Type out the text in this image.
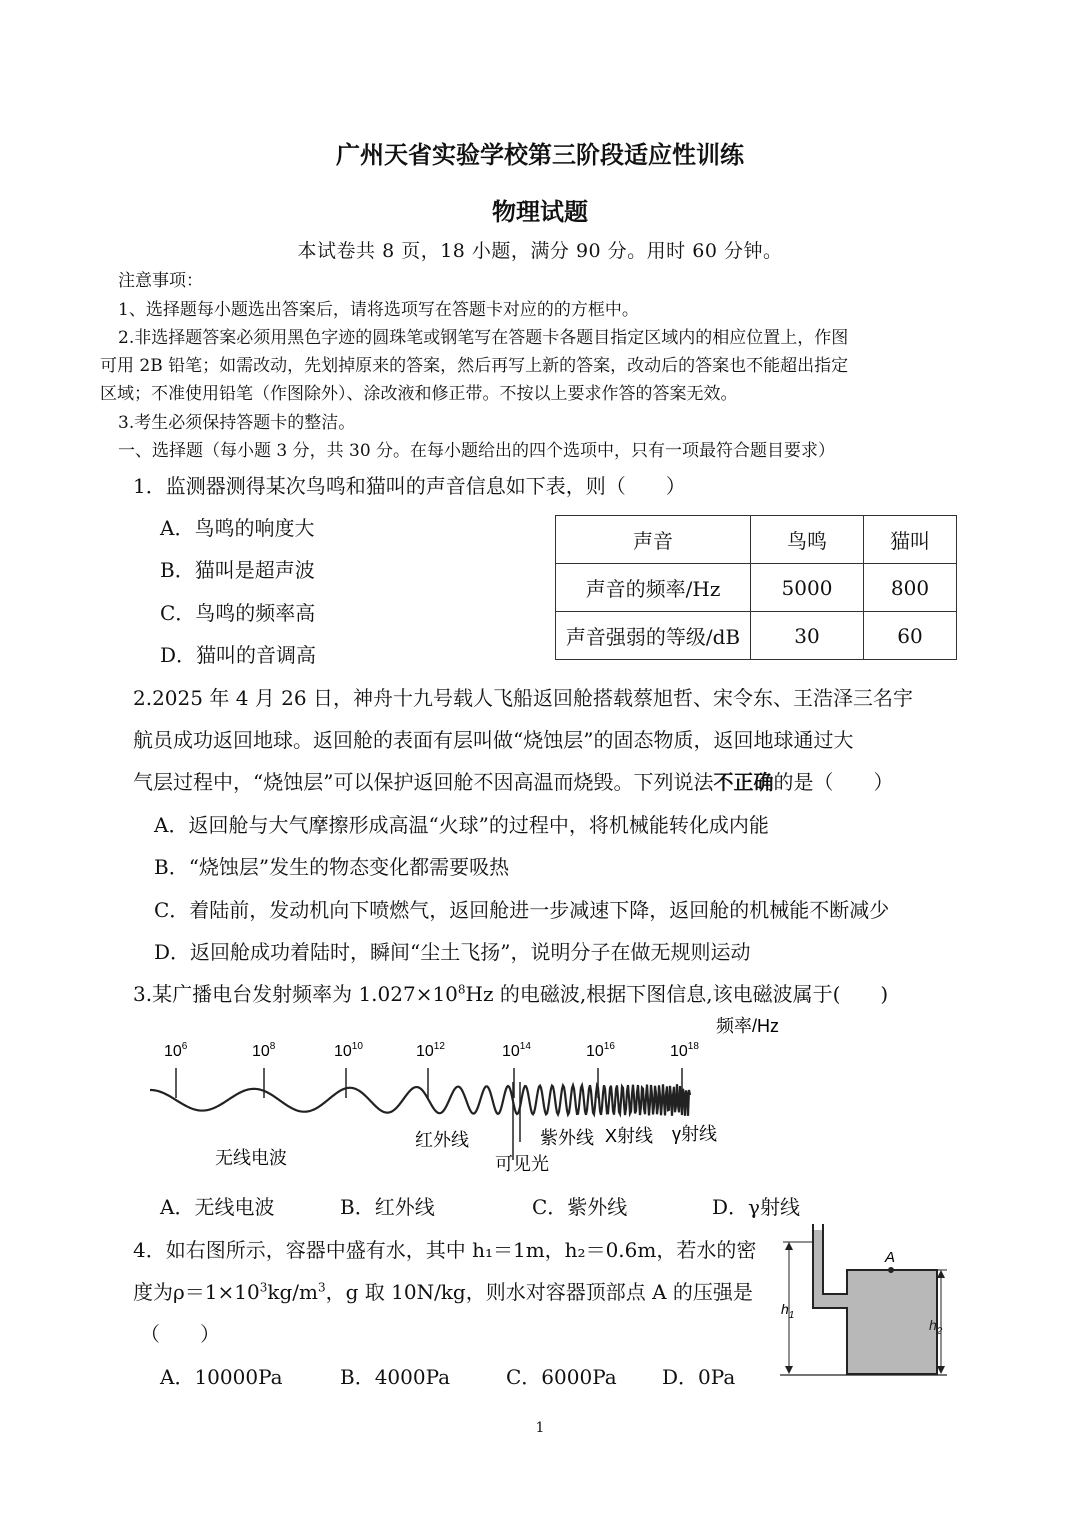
广州天省实验学校第三阶段适应性训练
物理试题
本试卷共 8 页，18 小题，满分 90 分。用时 60 分钟。
注意事项：
1、选择题每小题选出答案后，请将选项写在答题卡对应的的方框中。
2.非选择题答案必须用黑色字迹的圆珠笔或钢笔写在答题卡各题目指定区域内的相应位置上，作图
可用 2B 铅笔；如需改动，先划掉原来的答案，然后再写上新的答案，改动后的答案也不能超出指定
区域；不准使用铅笔（作图除外）、涂改液和修正带。不按以上要求作答的答案无效。
3.考生必须保持答题卡的整洁。
一、选择题（每小题 3 分，共 30 分。在每小题给出的四个选项中，只有一项最符合题目要求）
1．监测器测得某次鸟鸣和猫叫的声音信息如下表，则（　　）
A．鸟鸣的响度大
B．猫叫是超声波
C．鸟鸣的频率高
D．猫叫的音调高
声音	鸟鸣	猫叫
声音的频率/Hz	5000	800
声音强弱的等级/dB	30	60
2.2025 年 4 月 26 日，神舟十九号载人飞船返回舱搭载蔡旭哲、宋令东、王浩泽三名宇
航员成功返回地球。返回舱的表面有层叫做“烧蚀层”的固态物质，返回地球通过大
气层过程中，“烧蚀层”可以保护返回舱不因高温而烧毁。下列说法不正确的是（　　）
A．返回舱与大气摩擦形成高温“火球”的过程中，将机械能转化成内能
B．“烧蚀层”发生的物态变化都需要吸热
C．着陆前，发动机向下喷燃气，返回舱进一步减速下降，返回舱的机械能不断减少
D．返回舱成功着陆时，瞬间“尘土飞扬”，说明分子在做无规则运动
3.某广播电台发射频率为 $1.027\times 10^8Hz$ 的电磁波,根据下图信息,该电磁波属于(　　)
频率/Hz
$10^6$	$10^8$	$10^{10}$	$10^{12}$	$10^{14}$	$10^{16}$	$10^{18}$
无线电波
红外线
可见光
紫外线 X射线 γ射线
A．无线电波	B．红外线	C．紫外线	D．γ射线
4．如右图所示，容器中盛有水，其中 h₁＝1m，h₂＝0.6m，若水的密
度为$\rho=1\times 10^3kg/m^3$，g 取 10N/kg，则水对容器顶部点 A 的压强是
（　　）
A．10000Pa	B．4000Pa	C．6000Pa D．0Pa
$h_1$
$h_2$
A
1
